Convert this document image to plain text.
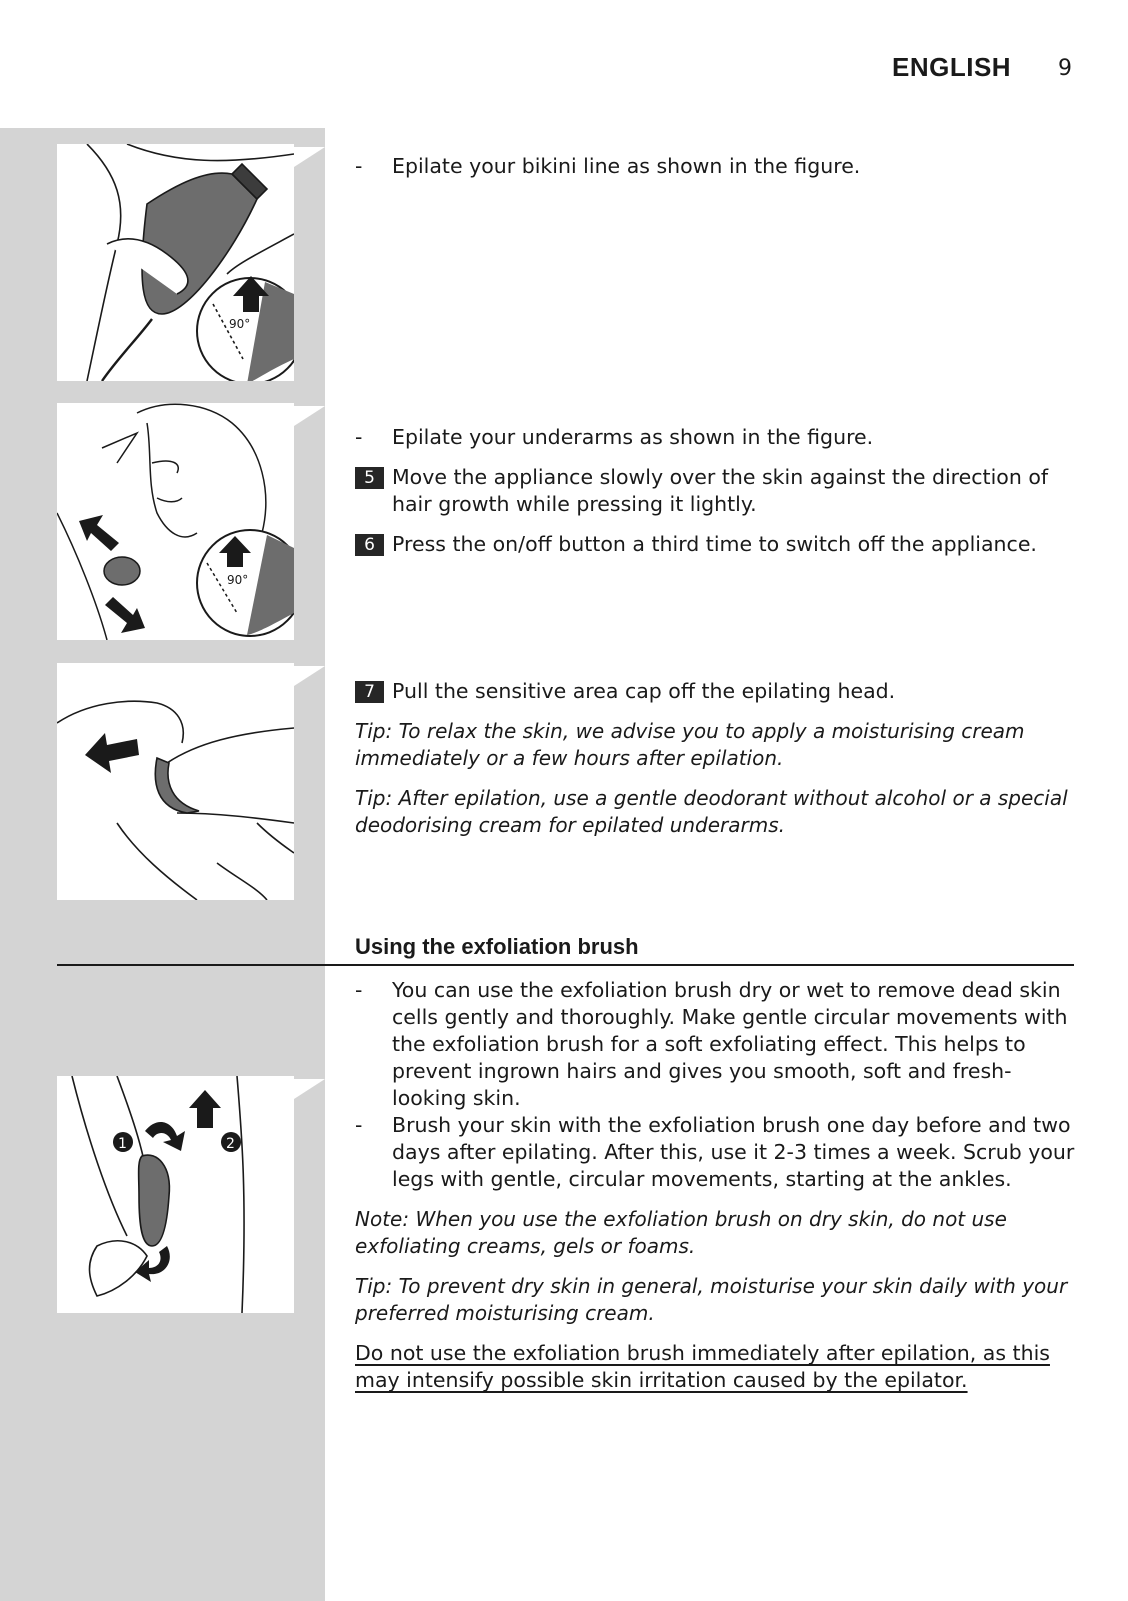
ENGLISH 9
90°
90°
1	2
- Epilate your bikini line as shown in the figure.
- Epilate your underarms as shown in the figure.
5 Move the appliance slowly over the skin against the direction of hair growth while pressing it lightly.
6 Press the on/off button a third time to switch off the appliance.
7 Pull the sensitive area cap off the epilating head.
Tip: To relax the skin, we advise you to apply a moisturising cream immediately or a few hours after epilation.
Tip: After epilation, use a gentle deodorant without alcohol or a special deodorising cream for epilated underarms.
Using the exfoliation brush
- You can use the exfoliation brush dry or wet to remove dead skin cells gently and thoroughly. Make gentle circular movements with the exfoliation brush for a soft exfoliating effect. This helps to prevent ingrown hairs and gives you smooth, soft and fresh-looking skin.
- Brush your skin with the exfoliation brush one day before and two days after epilating. After this, use it 2-3 times a week. Scrub your legs with gentle, circular movements, starting at the ankles.
Note: When you use the exfoliation brush on dry skin, do not use exfoliating creams, gels or foams.
Tip: To prevent dry skin in general, moisturise your skin daily with your preferred moisturising cream.
Do not use the exfoliation brush immediately after epilation, as this may intensify possible skin irritation caused by the epilator.
